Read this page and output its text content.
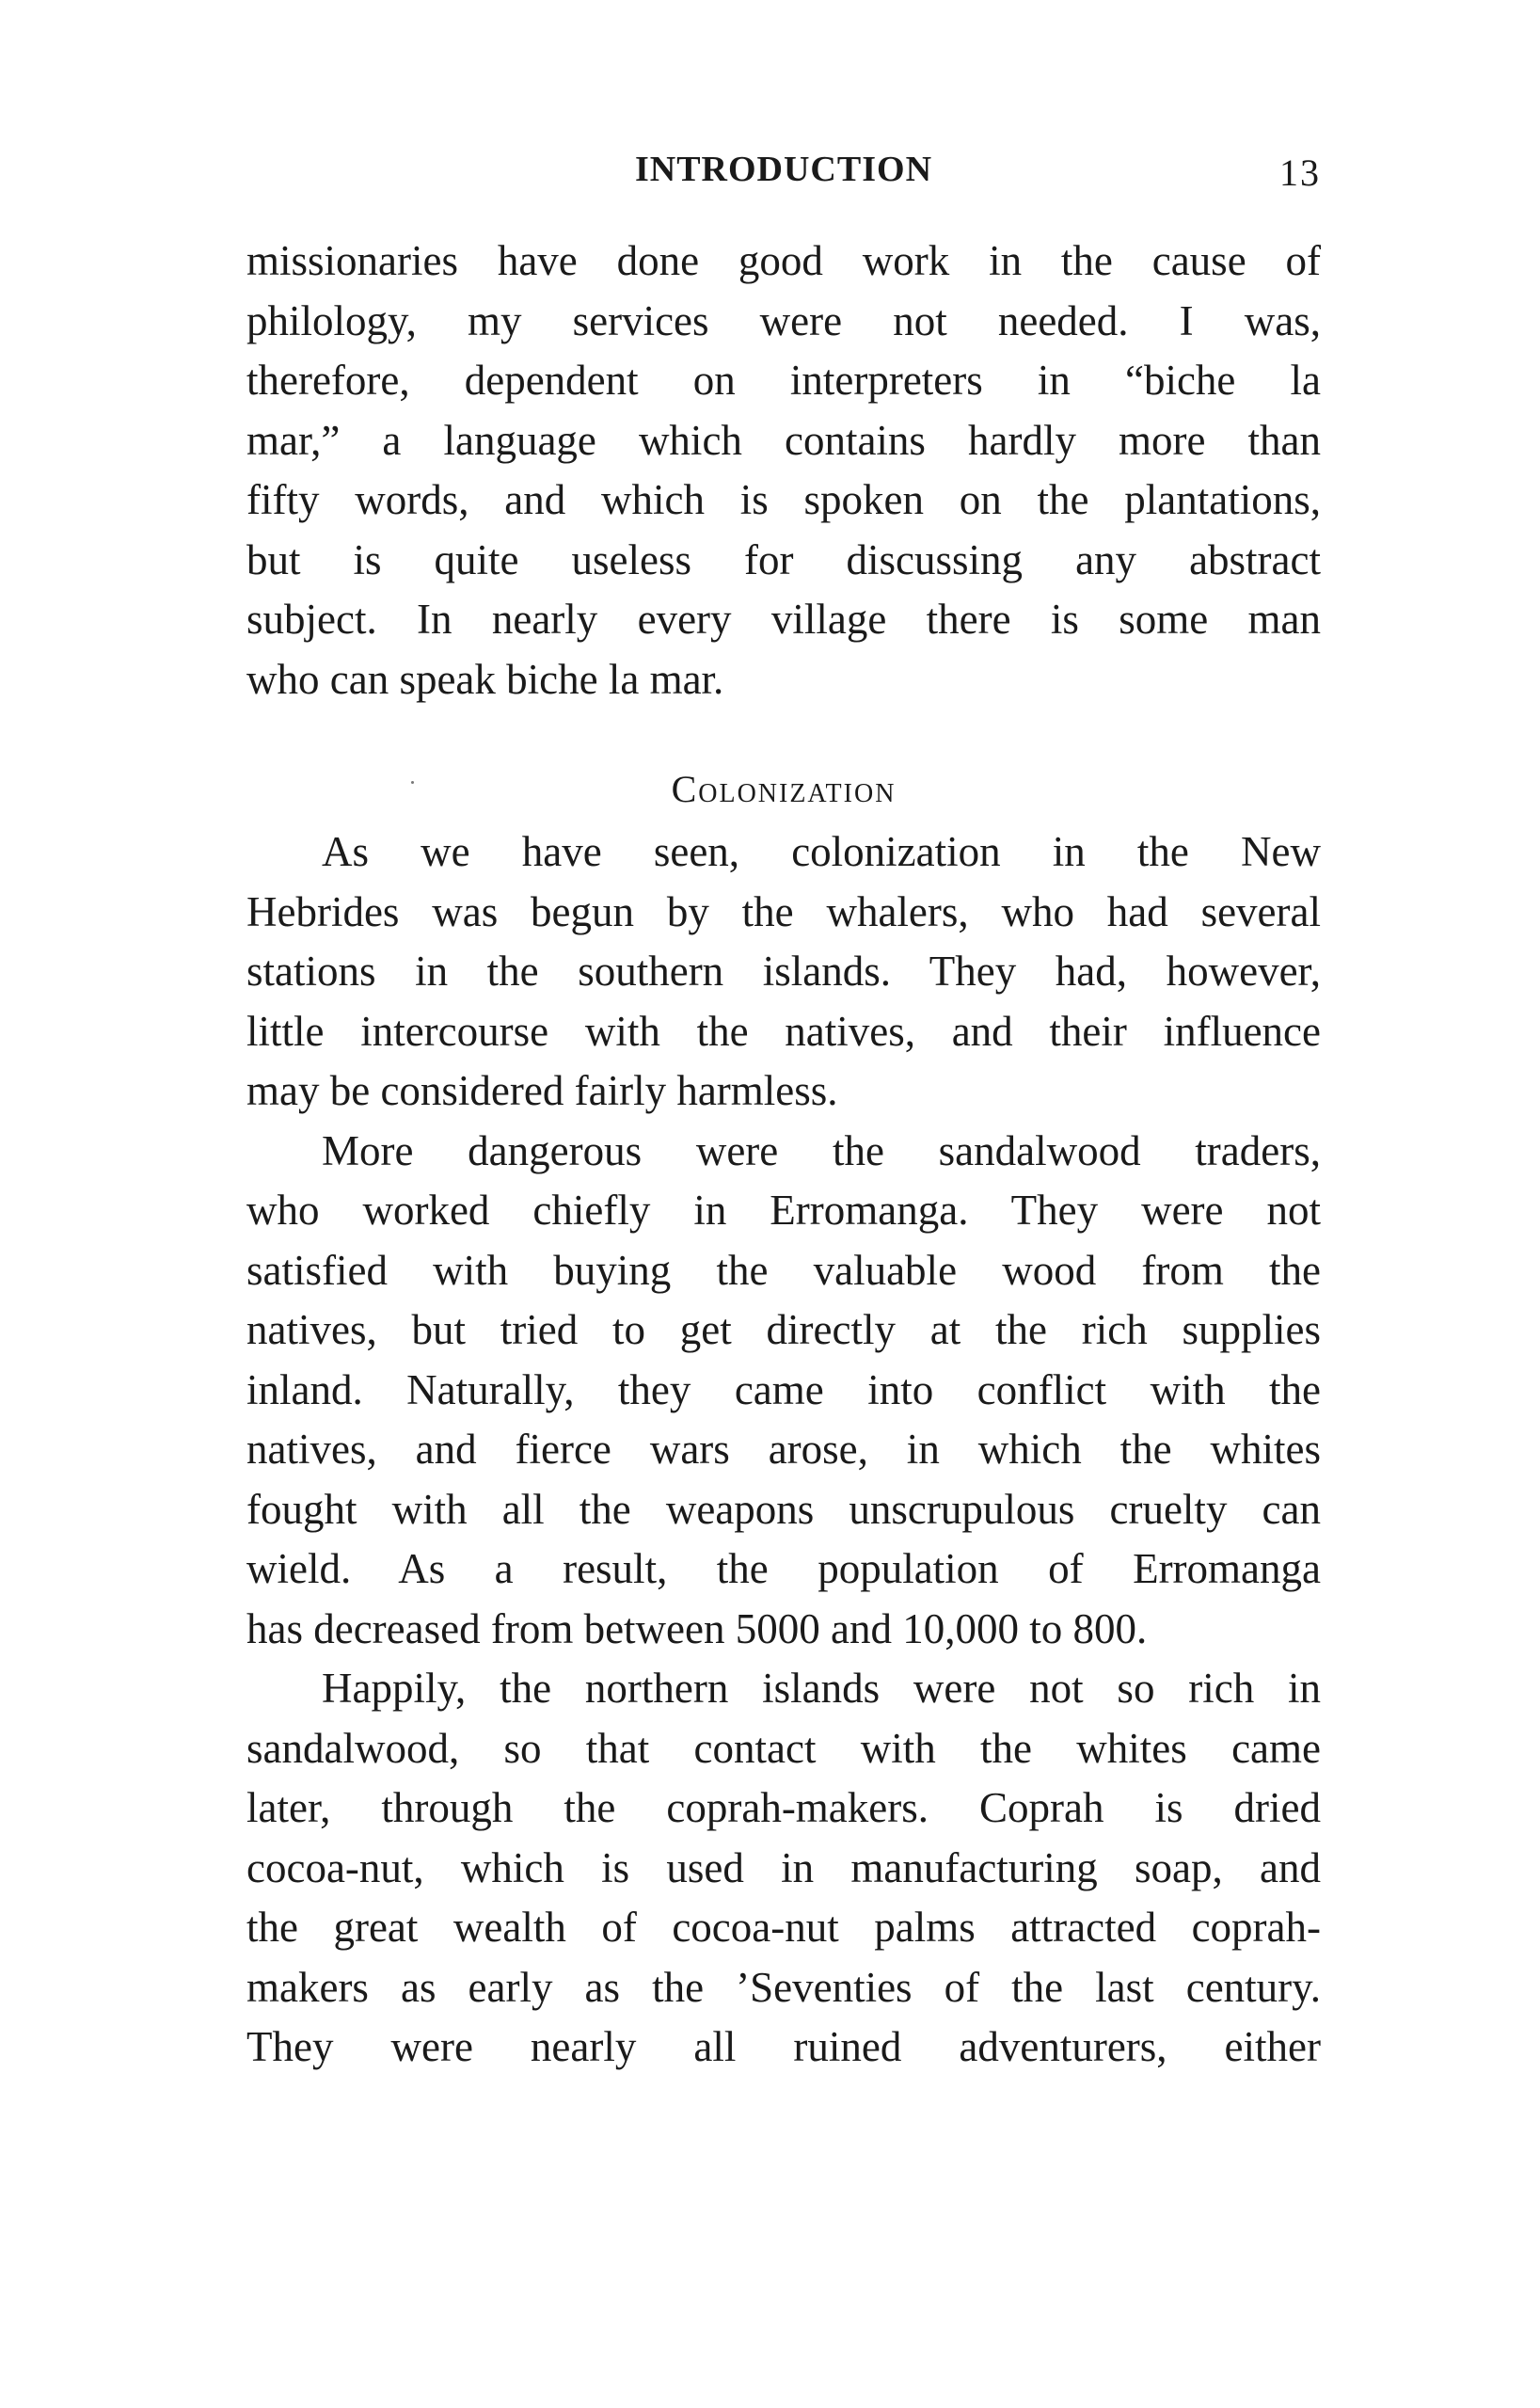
INTRODUCTION	13
missionaries have done good work in the cause of
philology, my services were not needed. I was,
therefore, dependent on interpreters in “biche la
mar,” a language which contains hardly more than
fifty words, and which is spoken on the plantations,
but is quite useless for discussing any abstract
subject. In nearly every village there is some man
who can speak biche la mar.
Colonization
As we have seen, colonization in the New
Hebrides was begun by the whalers, who had several
stations in the southern islands. They had, however,
little intercourse with the natives, and their influence
may be considered fairly harmless.
More dangerous were the sandalwood traders,
who worked chiefly in Erromanga. They were not
satisfied with buying the valuable wood from the
natives, but tried to get directly at the rich supplies
inland. Naturally, they came into conflict with the
natives, and fierce wars arose, in which the whites
fought with all the weapons unscrupulous cruelty can
wield. As a result, the population of Erromanga
has decreased from between 5000 and 10,000 to 800.
Happily, the northern islands were not so rich in
sandalwood, so that contact with the whites came
later, through the coprah-makers. Coprah is dried
cocoa-nut, which is used in manufacturing soap, and
the great wealth of cocoa-nut palms attracted coprah-
makers as early as the ’Seventies of the last century.
They were nearly all ruined adventurers, either
